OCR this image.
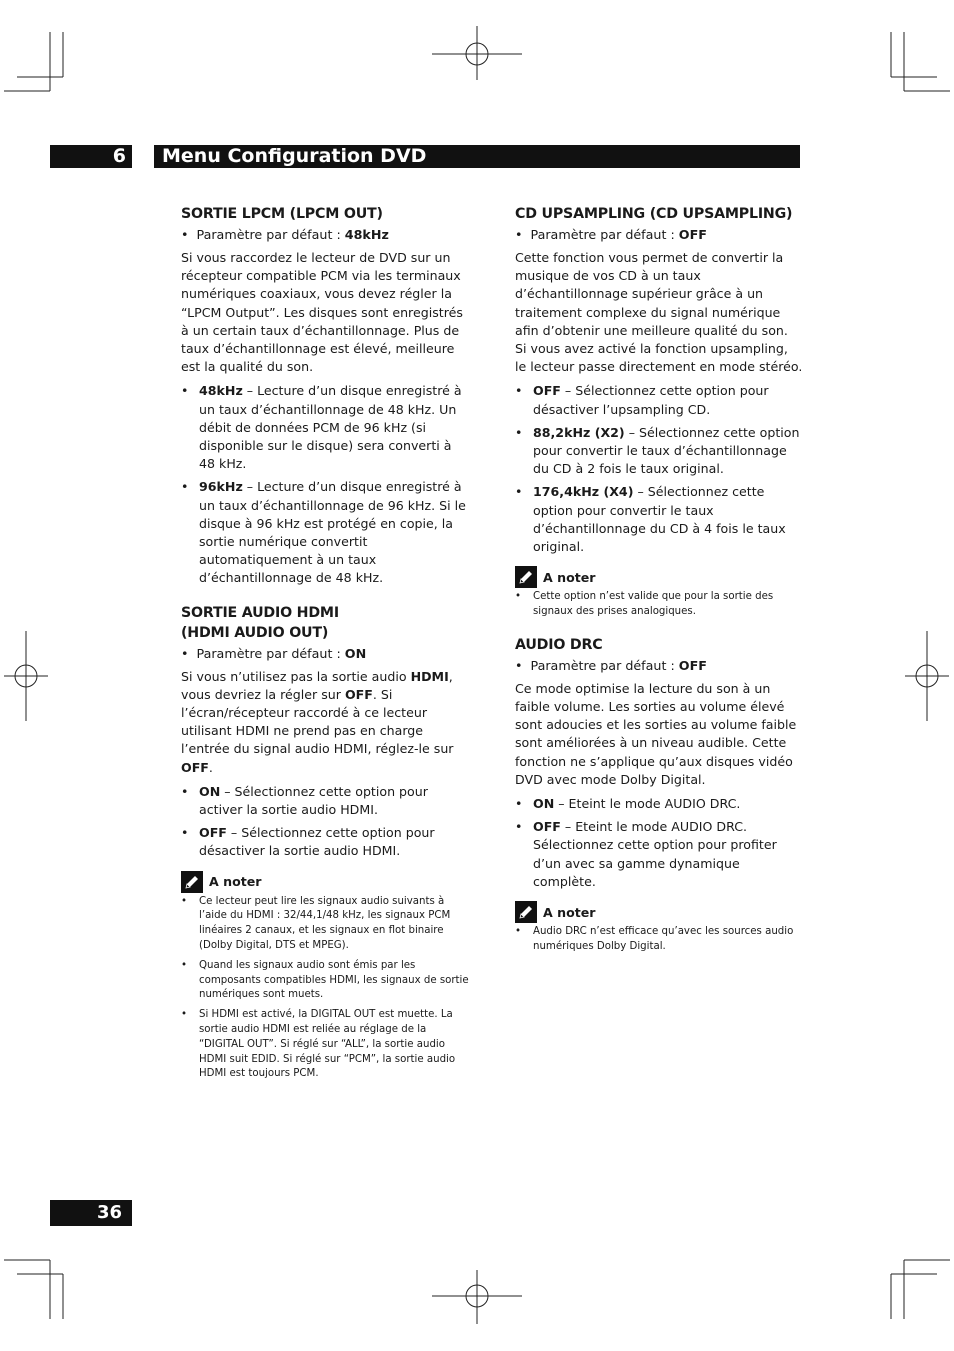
6	Menu Configuration DVD
SORTIE LPCM (LPCM OUT)
• Paramètre par défaut : 48kHz

Si vous raccordez le lecteur de DVD sur un récepteur compatible PCM via les terminaux numériques coaxiaux, vous devez régler la “LPCM Output”. Les disques sont enregistrés à un certain taux d’échantillonnage. Plus de taux d’échantillonnage est élevé, meilleure est la qualité du son.

• 48kHz – Lecture d’un disque enregistré à un taux d’échantillonnage de 48 kHz. Un débit de données PCM de 96 kHz (si disponible sur le disque) sera converti à 48 kHz.
• 96kHz – Lecture d’un disque enregistré à un taux d’échantillonnage de 96 kHz. Si le disque à 96 kHz est protégé en copie, la sortie numérique convertit automatiquement à un taux d’échantillonnage de 48 kHz.
SORTIE AUDIO HDMI
(HDMI AUDIO OUT)
• Paramètre par défaut : ON

Si vous n’utilisez pas la sortie audio HDMI, vous devriez la régler sur OFF. Si l’écran/récepteur raccordé à ce lecteur utilisant HDMI ne prend pas en charge l’entrée du signal audio HDMI, réglez-le sur OFF.

• ON – Sélectionnez cette option pour activer la sortie audio HDMI.
• OFF – Sélectionnez cette option pour désactiver la sortie audio HDMI.
A noter
• Ce lecteur peut lire les signaux audio suivants à l’aide du HDMI : 32/44,1/48 kHz, les signaux PCM linéaires 2 canaux, et les signaux en flot binaire (Dolby Digital, DTS et MPEG).
• Quand les signaux audio sont émis par les composants compatibles HDMI, les signaux de sortie numériques sont muets.
• Si HDMI est activé, la DIGITAL OUT est muette. La sortie audio HDMI est reliée au réglage de la “DIGITAL OUT”. Si réglé sur “ALL”, la sortie audio HDMI suit EDID. Si réglé sur “PCM”, la sortie audio HDMI est toujours PCM.
CD UPSAMPLING (CD UPSAMPLING)
• Paramètre par défaut : OFF

Cette fonction vous permet de convertir la musique de vos CD à un taux d’échantillonnage supérieur grâce à un traitement complexe du signal numérique afin d’obtenir une meilleure qualité du son. Si vous avez activé la fonction upsampling, le lecteur passe directement en mode stéréo.

• OFF – Sélectionnez cette option pour désactiver l’upsampling CD.
• 88,2kHz (X2) – Sélectionnez cette option pour convertir le taux d’échantillonnage du CD à 2 fois le taux original.
• 176,4kHz (X4) – Sélectionnez cette option pour convertir le taux d’échantillonnage du CD à 4 fois le taux original.
A noter
• Cette option n’est valide que pour la sortie des signaux des prises analogiques.
AUDIO DRC
• Paramètre par défaut : OFF

Ce mode optimise la lecture du son à un faible volume. Les sorties au volume élevé sont adoucies et les sorties au volume faible sont améliorées à un niveau audible. Cette fonction ne s’applique qu’aux disques vidéo DVD avec mode Dolby Digital.

• ON – Eteint le mode AUDIO DRC.
• OFF – Eteint le mode AUDIO DRC. Sélectionnez cette option pour profiter d’un avec sa gamme dynamique complète.
A noter
• Audio DRC n’est efficace qu’avec les sources audio numériques Dolby Digital.
36
